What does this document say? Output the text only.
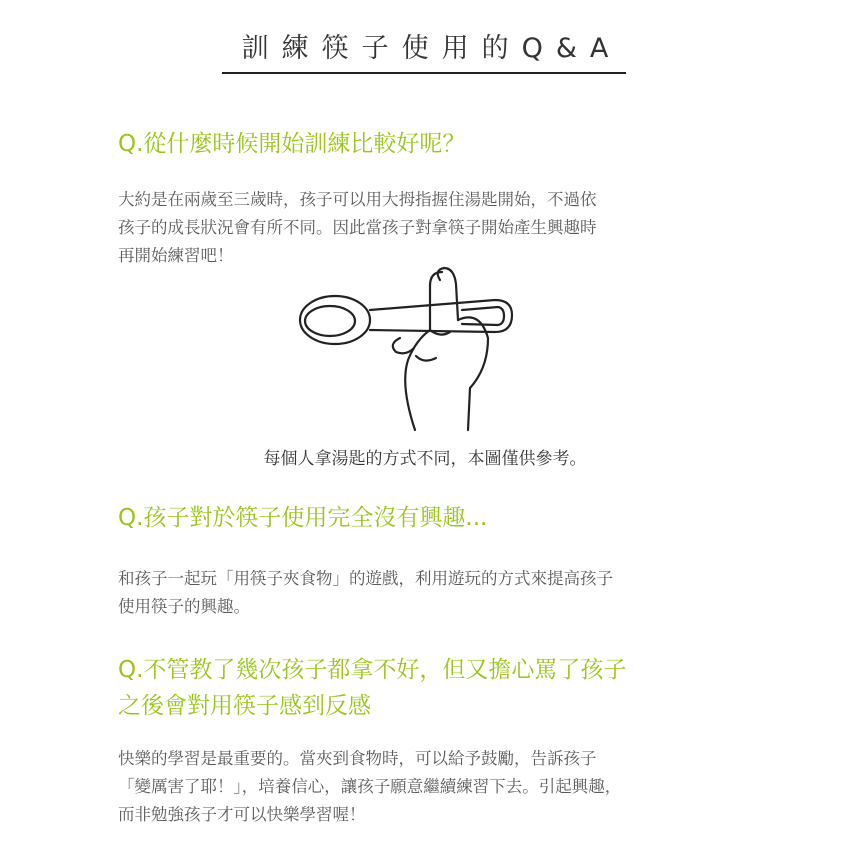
訓練筷子使用的Q&A
Q.從什麼時候開始訓練比較好呢？

大約是在兩歲至三歲時，孩子可以用大拇指握住湯匙開始，不過依
孩子的成長狀況會有所不同。因此當孩子對拿筷子開始產生興趣時
再開始練習吧！

每個人拿湯匙的方式不同，本圖僅供參考。
Q.孩子對於筷子使用完全沒有興趣...

和孩子一起玩「用筷子夾食物」的遊戲，利用遊玩的方式來提高孩子
使用筷子的興趣。

Q.不管教了幾次孩子都拿不好，但又擔心罵了孩子
之後會對用筷子感到反感

快樂的學習是最重要的。當夾到食物時，可以給予鼓勵，告訴孩子
「變厲害了耶！」，培養信心，讓孩子願意繼續練習下去。引起興趣，
而非勉強孩子才可以快樂學習喔！
